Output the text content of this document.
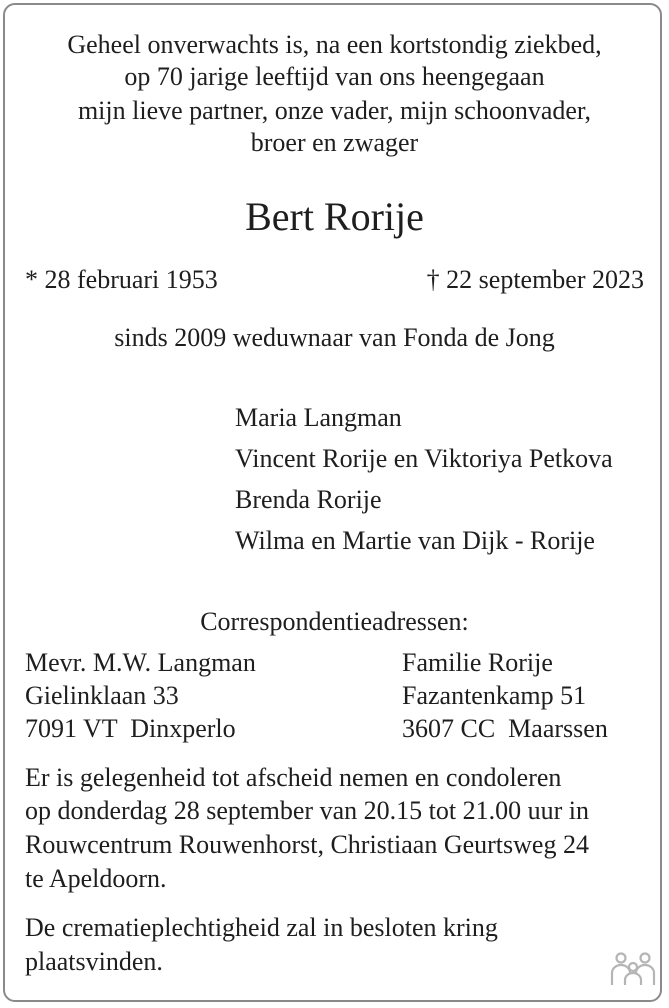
Geheel onverwachts is, na een kortstondig ziekbed,
op 70 jarige leeftijd van ons heengegaan
mijn lieve partner, onze vader, mijn schoonvader,
broer en zwager
Bert Rorije
* 28 februari 1953	† 22 september 2023
sinds 2009 weduwnaar van Fonda de Jong
Maria Langman
Vincent Rorije en Viktoriya Petkova
Brenda Rorije
Wilma en Martie van Dijk - Rorije
Correspondentieadressen:
Mevr. M.W. Langman
Gielinklaan 33
7091 VT  Dinxperlo
Familie Rorije
Fazantenkamp 51
3607 CC  Maarssen
Er is gelegenheid tot afscheid nemen en condoleren
op donderdag 28 september van 20.15 tot 21.00 uur in
Rouwcentrum Rouwenhorst, Christiaan Geurtsweg 24
te Apeldoorn.
De crematieplechtigheid zal in besloten kring
plaatsvinden.
